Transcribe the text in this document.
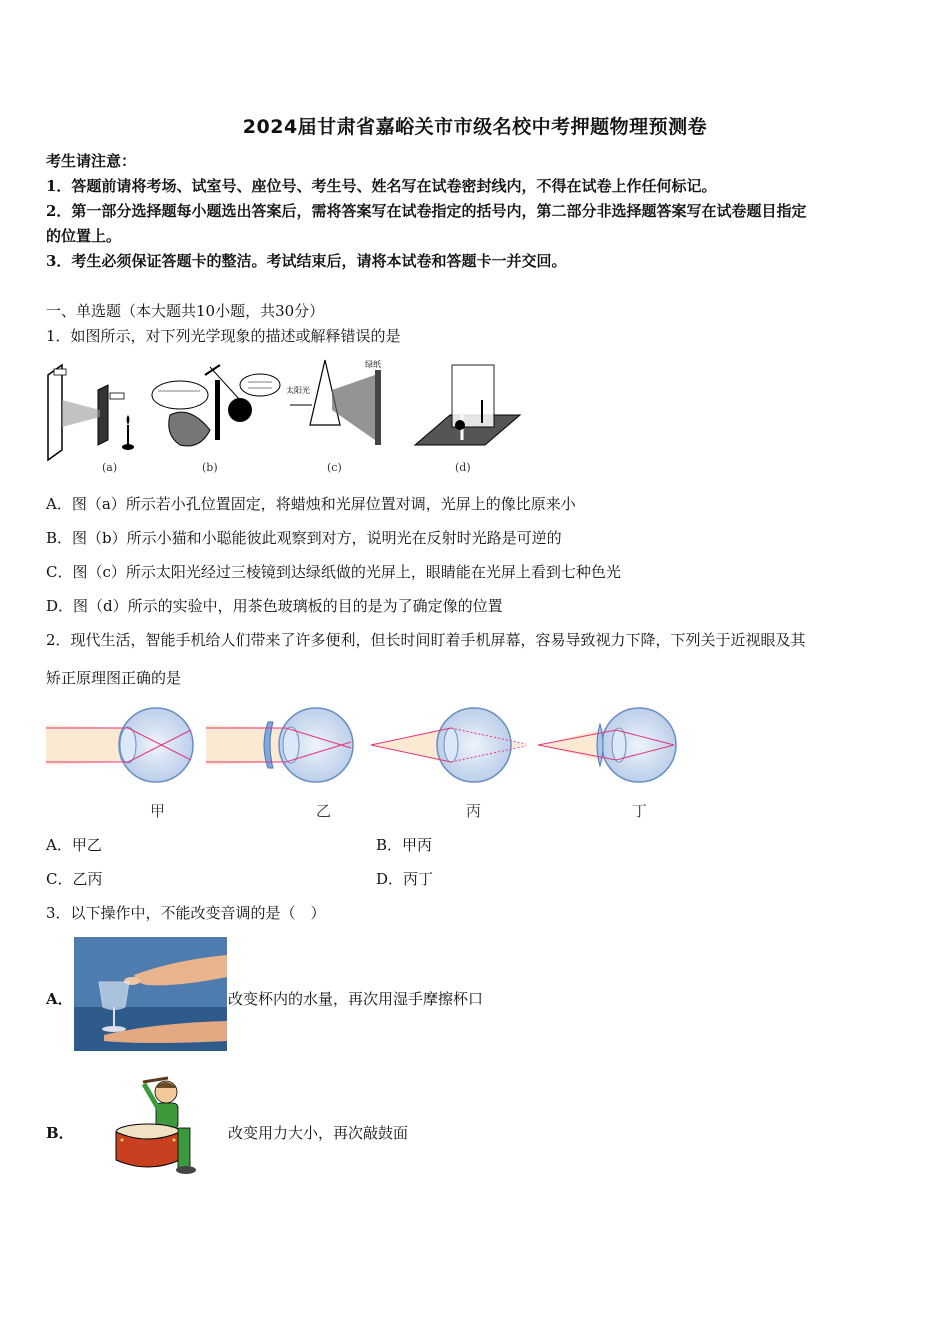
2024届甘肃省嘉峪关市市级名校中考押题物理预测卷
考生请注意：
1．答题前请将考场、试室号、座位号、考生号、姓名写在试卷密封线内，不得在试卷上作任何标记。
2．第一部分选择题每小题选出答案后，需将答案写在试卷指定的括号内，第二部分非选择题答案写在试卷题目指定
的位置上。
3．考生必须保证答题卡的整洁。考试结束后，请将本试卷和答题卡一并交回。
一、单选题（本大题共10小题，共30分）
1．如图所示，对下列光学现象的描述或解释错误的是
太阳光
绿纸
(a)	(b)	(c)	(d)
A．图（a）所示若小孔位置固定，将蜡烛和光屏位置对调，光屏上的像比原来小
B．图（b）所示小猫和小聪能彼此观察到对方，说明光在反射时光路是可逆的
C．图（c）所示太阳光经过三棱镜到达绿纸做的光屏上，眼睛能在光屏上看到七种色光
D．图（d）所示的实验中，用茶色玻璃板的目的是为了确定像的位置
2．现代生活，智能手机给人们带来了许多便利，但长时间盯着手机屏幕，容易导致视力下降，下列关于近视眼及其
矫正原理图正确的是
甲	乙	丙	丁
A．甲乙	B．甲丙
C．乙丙	D．丙丁
3．以下操作中，不能改变音调的是（　）
A．	改变杯内的水量，再次用湿手摩擦杯口
B．	改变用力大小，再次敲鼓面
